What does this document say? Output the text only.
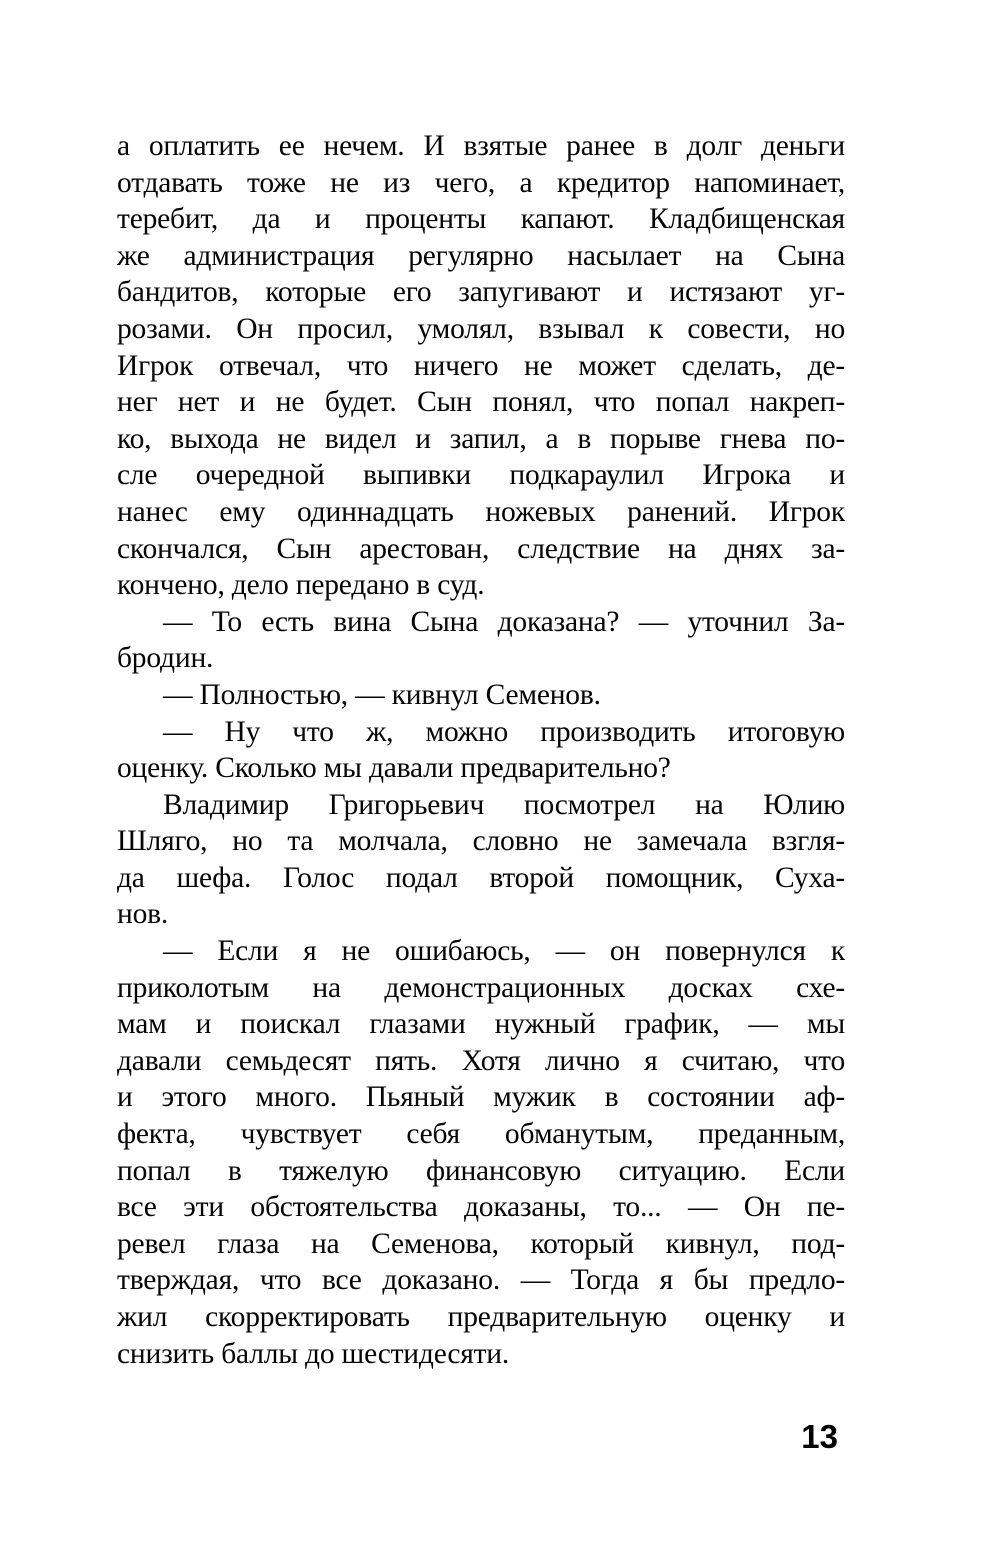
а оплатить ее нечем. И взятые ранее в долг деньги
отдавать тоже не из чего, а кредитор напоминает,
теребит, да и проценты капают. Кладбищенская
же администрация регулярно насылает на Сына
бандитов, которые его запугивают и истязают уг-
розами. Он просил, умолял, взывал к совести, но
Игрок отвечал, что ничего не может сделать, де-
нег нет и не будет. Сын понял, что попал накреп-
ко, выхода не видел и запил, а в порыве гнева по-
сле очередной выпивки подкараулил Игрока и
нанес ему одиннадцать ножевых ранений. Игрок
скончался, Сын арестован, следствие на днях за-
кончено, дело передано в суд.
— То есть вина Сына доказана? — уточнил За-
бродин.
— Полностью, — кивнул Семенов.
— Ну что ж, можно производить итоговую
оценку. Сколько мы давали предварительно?
Владимир Григорьевич посмотрел на Юлию
Шляго, но та молчала, словно не замечала взгля-
да шефа. Голос подал второй помощник, Суха-
нов.
— Если я не ошибаюсь, — он повернулся к
приколотым на демонстрационных досках схе-
мам и поискал глазами нужный график, — мы
давали семьдесят пять. Хотя лично я считаю, что
и этого много. Пьяный мужик в состоянии аф-
фекта, чувствует себя обманутым, преданным,
попал в тяжелую финансовую ситуацию. Если
все эти обстоятельства доказаны, то... — Он пе-
ревел глаза на Семенова, который кивнул, под-
тверждая, что все доказано. — Тогда я бы предло-
жил скорректировать предварительную оценку и
снизить баллы до шестидесяти.
13
